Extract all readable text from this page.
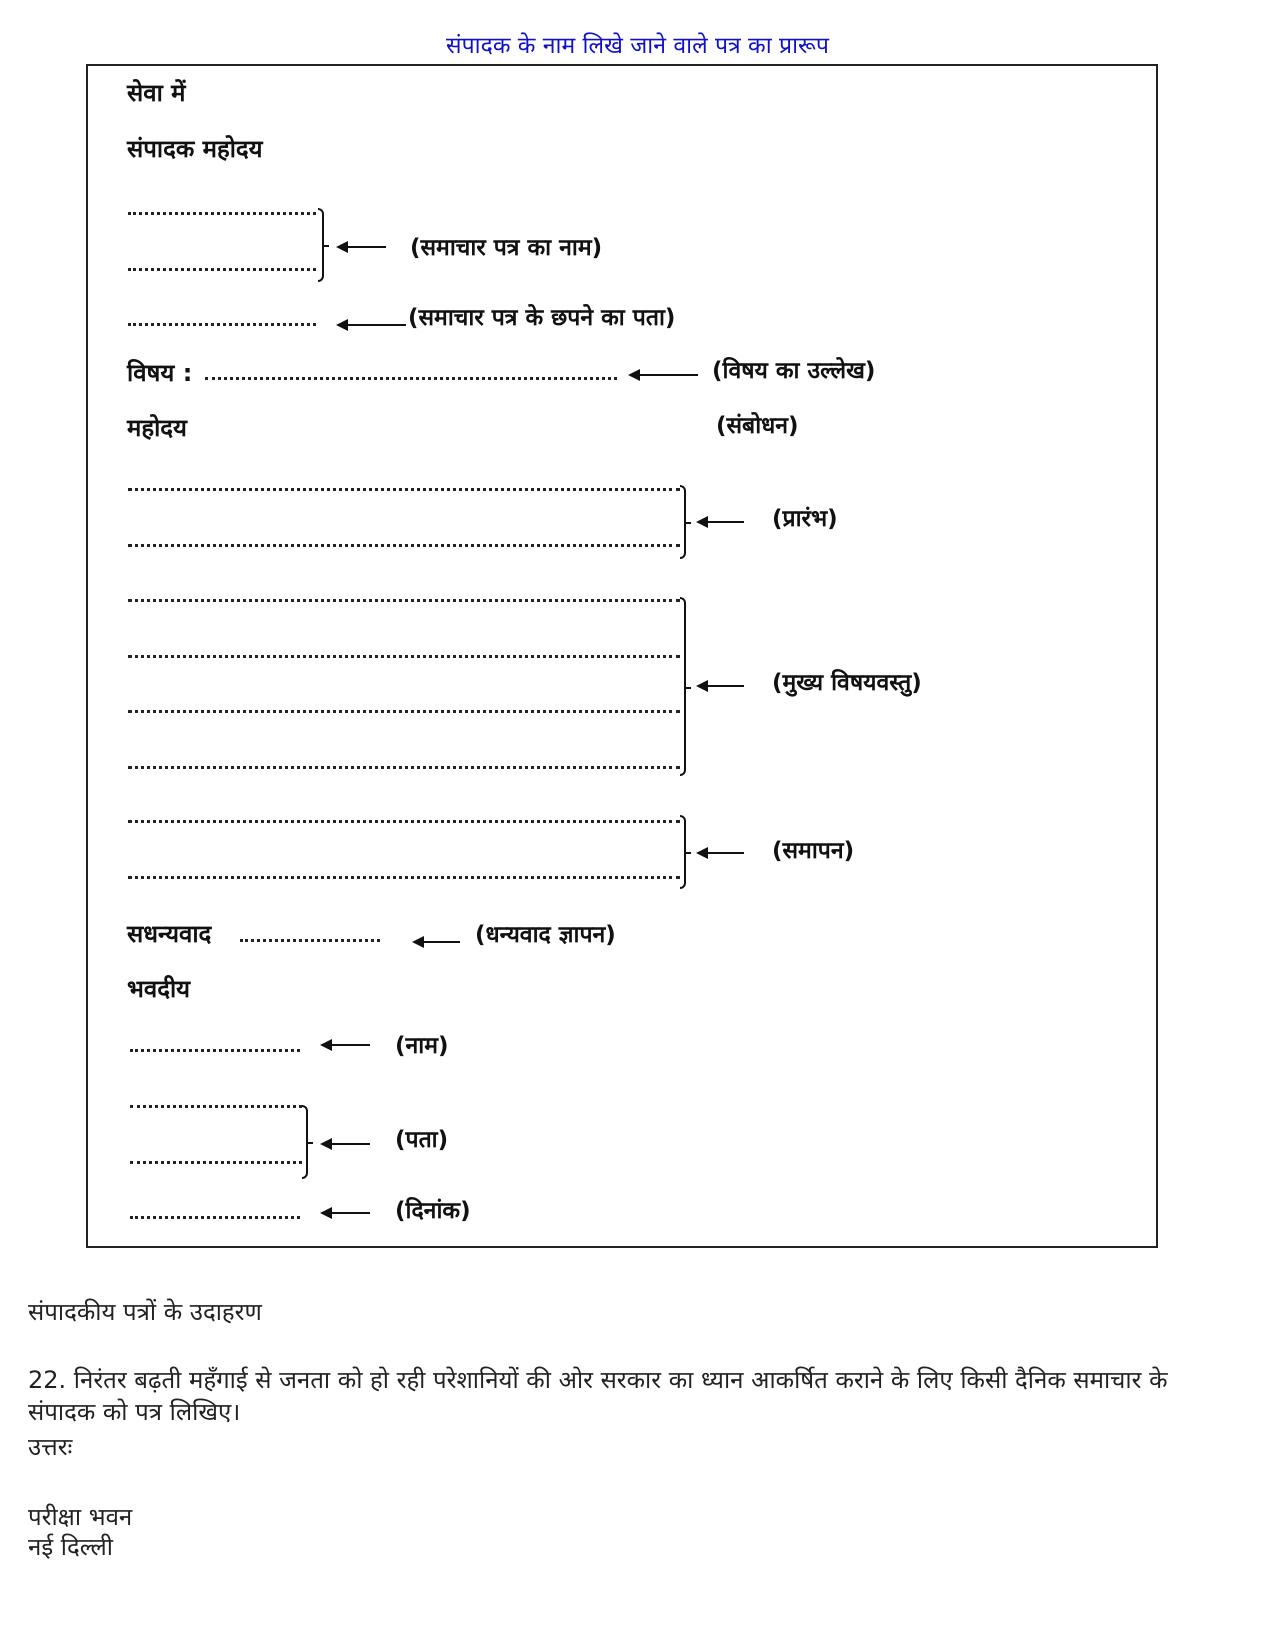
संपादक के नाम लिखे जाने वाले पत्र का प्रारूप
सेवा में
संपादक महोदय
(समाचार पत्र का नाम)
(समाचार पत्र के छपने का पता)
विषय :	(विषय का उल्लेख)
महोदय	(संबोधन)
(प्रारंभ)
(मुख्य विषयवस्तु)
(समापन)
सधन्यवाद	(धन्यवाद ज्ञापन)
भवदीय
(नाम)
(पता)
(दिनांक)
संपादकीय पत्रों के उदाहरण
22. निरंतर बढ़ती महँगाई से जनता को हो रही परेशानियों की ओर सरकार का ध्यान आकर्षित कराने के लिए किसी दैनिक समाचार के संपादक को पत्र लिखिए।
उत्तरः
परीक्षा भवन
नई दिल्ली
